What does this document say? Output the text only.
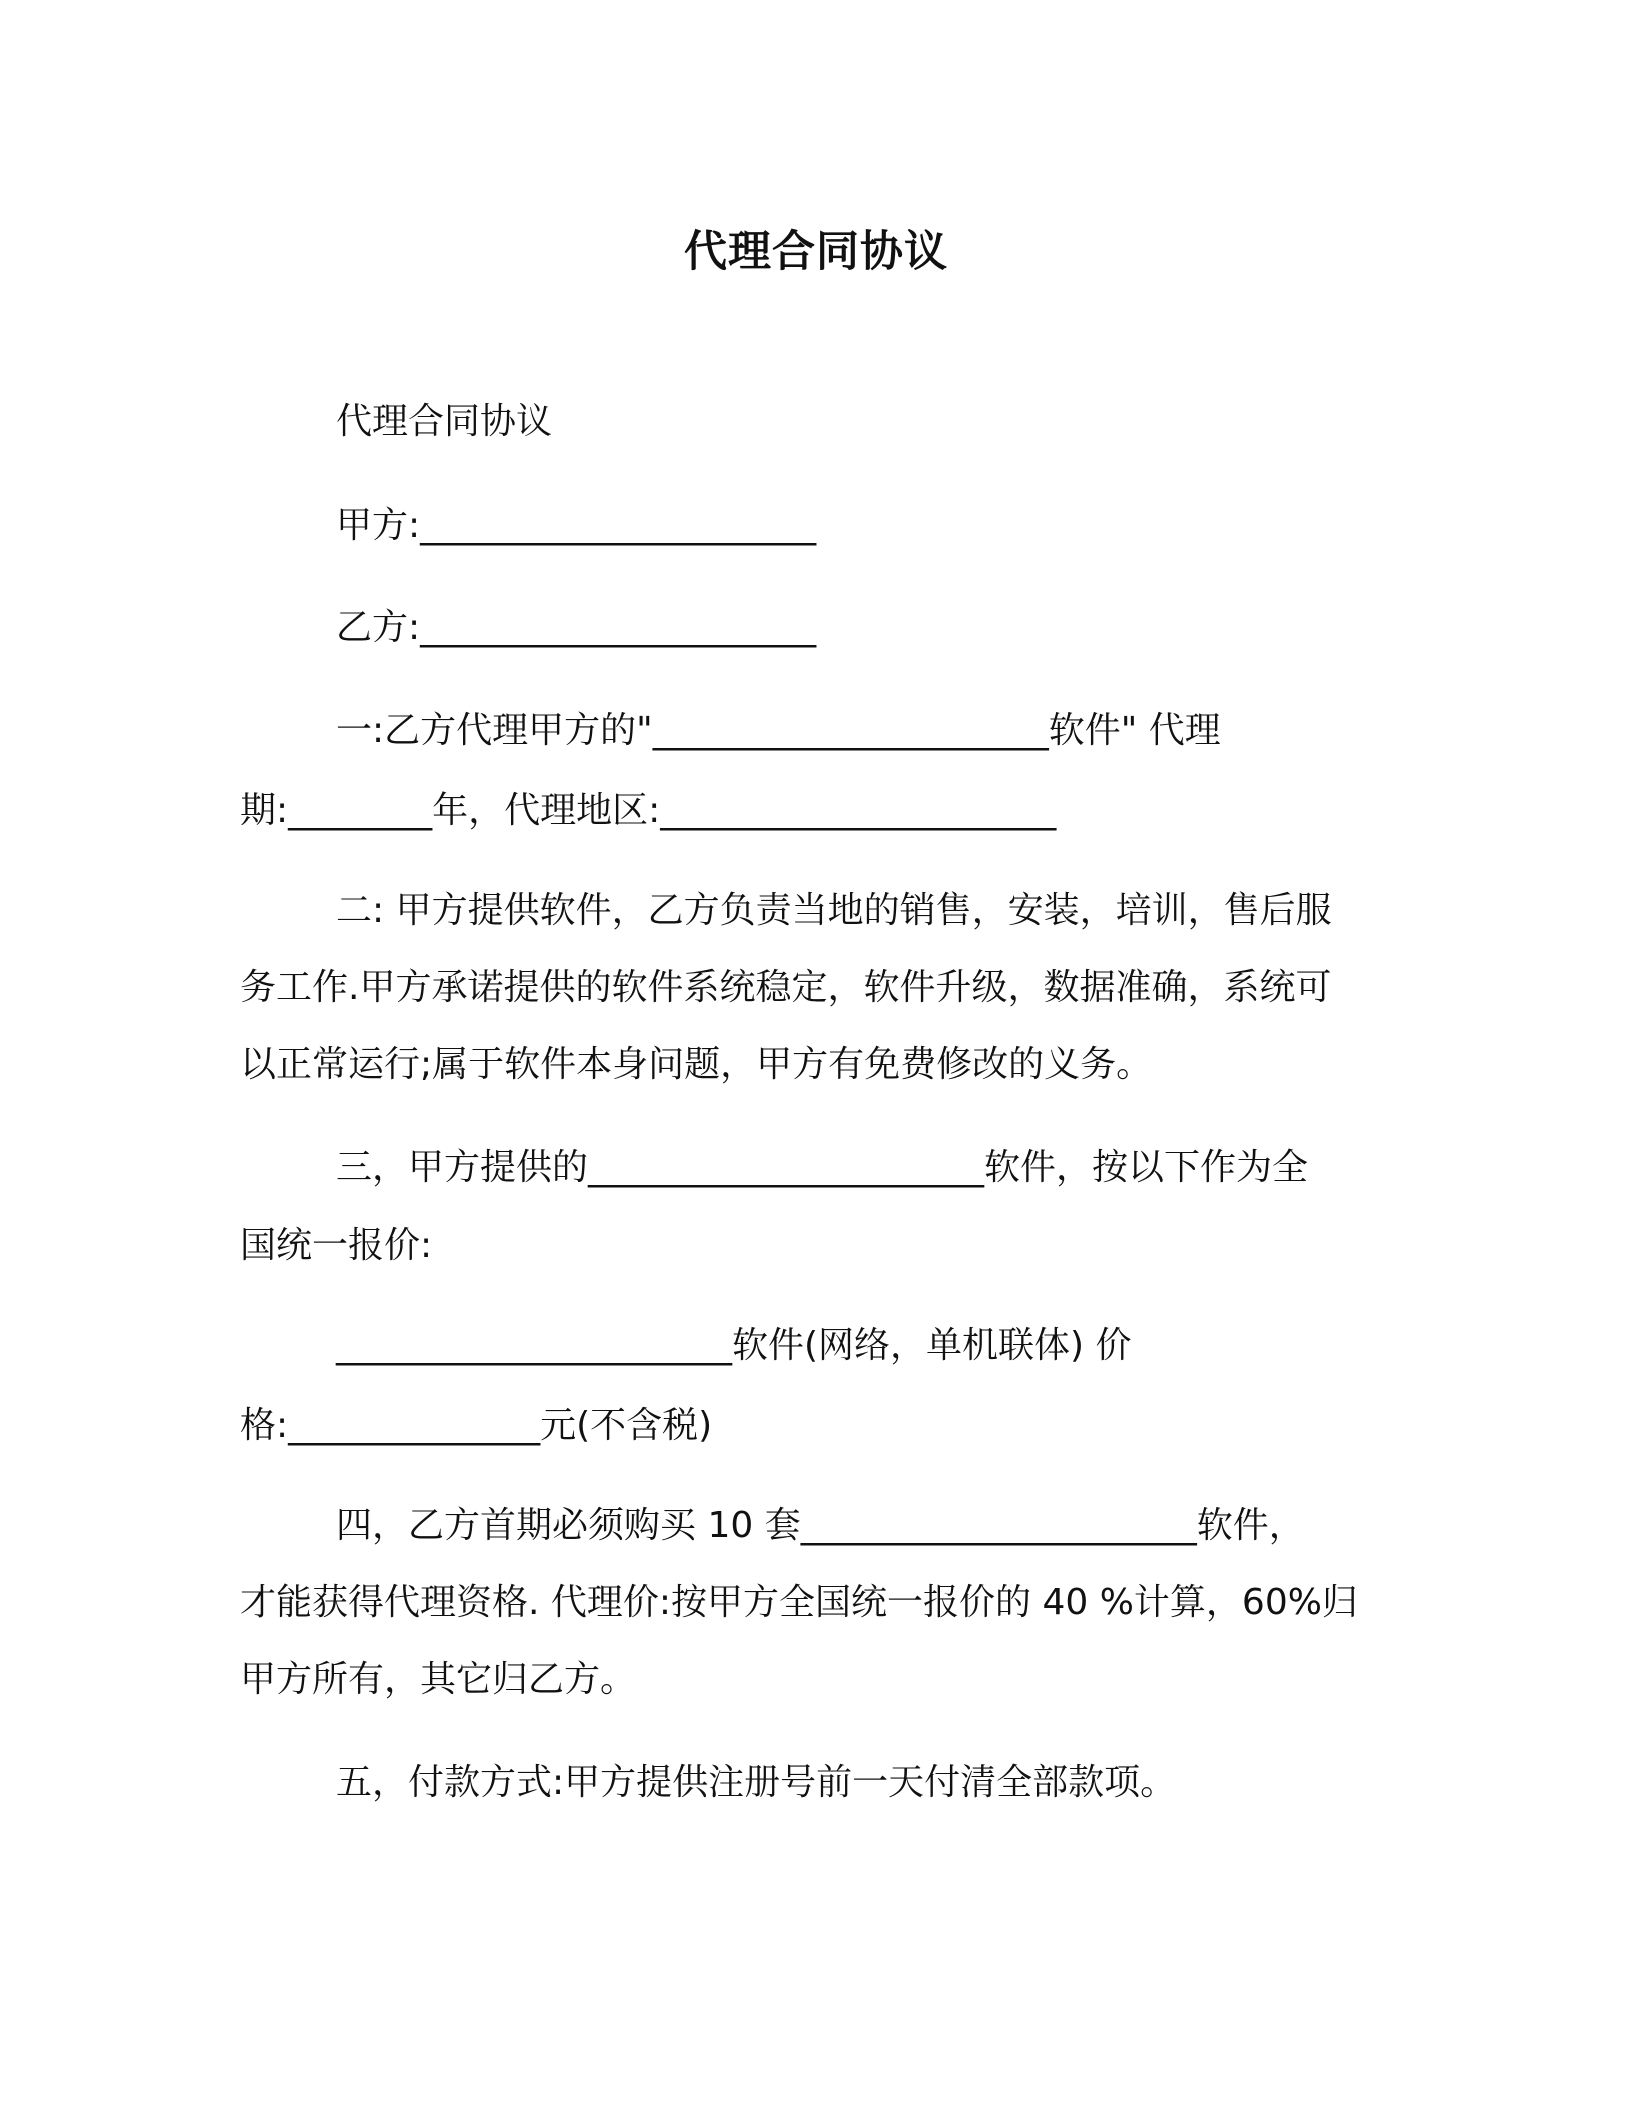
代理合同协议
代理合同协议
甲方:______________________
乙方:______________________
一:乙方代理甲方的"______________________软件" 代理
期:________年，代理地区:______________________
二: 甲方提供软件，乙方负责当地的销售，安装，培训，售后服
务工作.甲方承诺提供的软件系统稳定，软件升级，数据准确，系统可
以正常运行;属于软件本身问题，甲方有免费修改的义务。
三，甲方提供的______________________软件，按以下作为全
国统一报价:
______________________软件(网络，单机联体) 价
格:______________元(不含税)
四，乙方首期必须购买 10 套______________________软件，
才能获得代理资格. 代理价:按甲方全国统一报价的 40 %计算，60%归
甲方所有，其它归乙方。
五，付款方式:甲方提供注册号前一天付清全部款项。
